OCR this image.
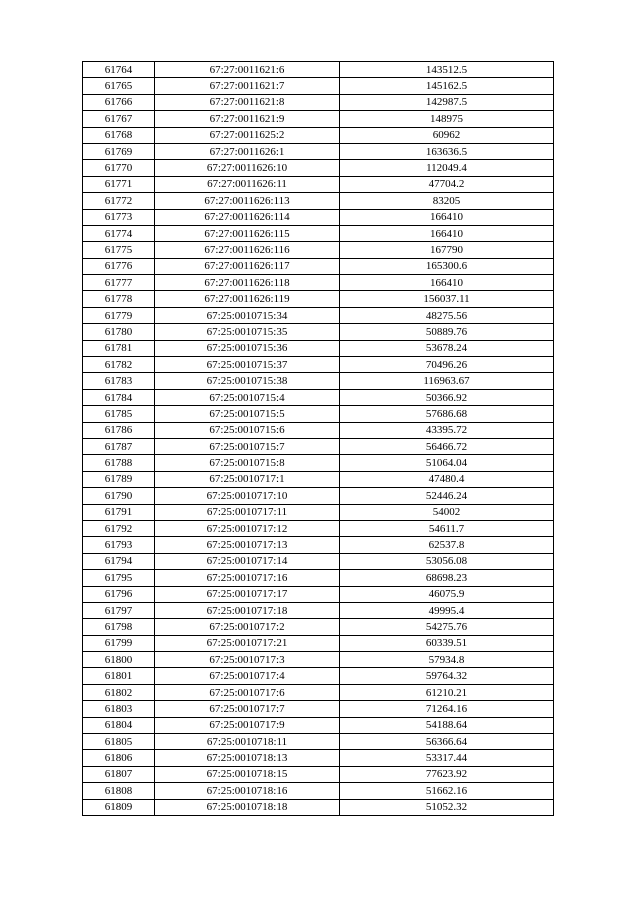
61764	67:27:0011621:6	143512.5
61765	67:27:0011621:7	145162.5
61766	67:27:0011621:8	142987.5
61767	67:27:0011621:9	148975
61768	67:27:0011625:2	60962
61769	67:27:0011626:1	163636.5
61770	67:27:0011626:10	112049.4
61771	67:27:0011626:11	47704.2
61772	67:27:0011626:113	83205
61773	67:27:0011626:114	166410
61774	67:27:0011626:115	166410
61775	67:27:0011626:116	167790
61776	67:27:0011626:117	165300.6
61777	67:27:0011626:118	166410
61778	67:27:0011626:119	156037.11
61779	67:25:0010715:34	48275.56
61780	67:25:0010715:35	50889.76
61781	67:25:0010715:36	53678.24
61782	67:25:0010715:37	70496.26
61783	67:25:0010715:38	116963.67
61784	67:25:0010715:4	50366.92
61785	67:25:0010715:5	57686.68
61786	67:25:0010715:6	43395.72
61787	67:25:0010715:7	56466.72
61788	67:25:0010715:8	51064.04
61789	67:25:0010717:1	47480.4
61790	67:25:0010717:10	52446.24
61791	67:25:0010717:11	54002
61792	67:25:0010717:12	54611.7
61793	67:25:0010717:13	62537.8
61794	67:25:0010717:14	53056.08
61795	67:25:0010717:16	68698.23
61796	67:25:0010717:17	46075.9
61797	67:25:0010717:18	49995.4
61798	67:25:0010717:2	54275.76
61799	67:25:0010717:21	60339.51
61800	67:25:0010717:3	57934.8
61801	67:25:0010717:4	59764.32
61802	67:25:0010717:6	61210.21
61803	67:25:0010717:7	71264.16
61804	67:25:0010717:9	54188.64
61805	67:25:0010718:11	56366.64
61806	67:25:0010718:13	53317.44
61807	67:25:0010718:15	77623.92
61808	67:25:0010718:16	51662.16
61809	67:25:0010718:18	51052.32
